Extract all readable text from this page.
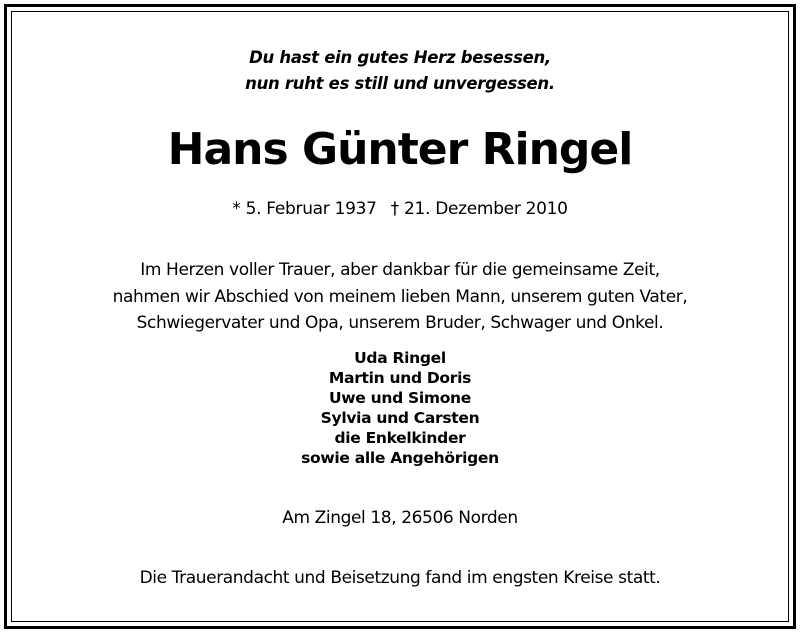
Du hast ein gutes Herz besessen,

nun ruht es still und unvergessen.

Hans Günter Ringel

* 5. Februar 1937 † 21. Dezember 2010

Im Herzen voller Trauer, aber dankbar für die gemeinsame Zeit,

nahmen wir Abschied von meinem lieben Mann, unserem guten Vater,

Schwiegervater und Opa, unserem Bruder, Schwager und Onkel.

Uda Ringel

Martin und Doris

Uwe und Simone

Sylvia und Carsten

die Enkelkinder

sowie alle Angehörigen

Am Zingel 18, 26506 Norden

Die Trauerandacht und Beisetzung fand im engsten Kreise statt.
